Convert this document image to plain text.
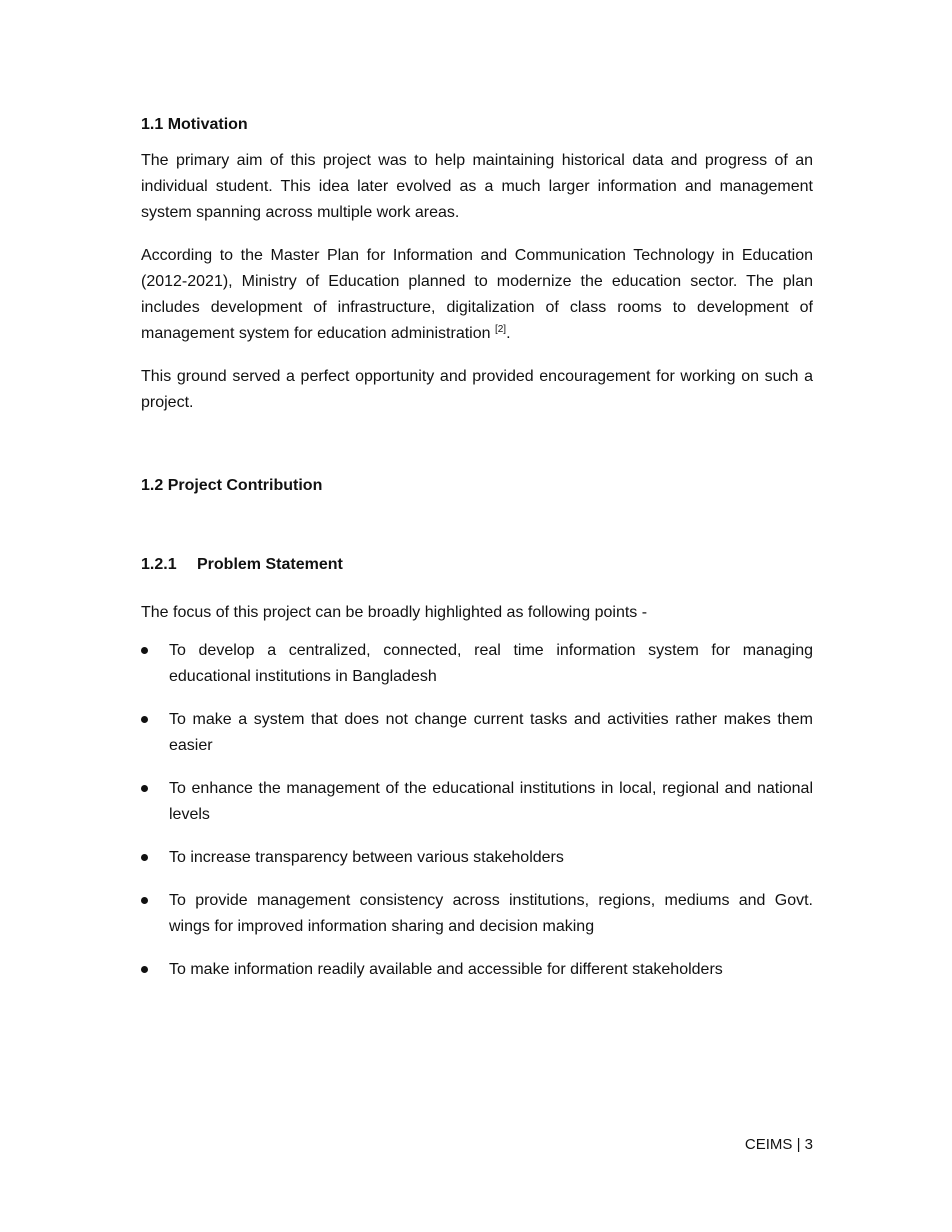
1.1 Motivation

The primary aim of this project was to help maintaining historical data and progress of an individual student. This idea later evolved as a much larger information and management system spanning across multiple work areas.

According to the Master Plan for Information and Communication Technology in Education (2012-2021), Ministry of Education planned to modernize the education sector. The plan includes development of infrastructure, digitalization of class rooms to development of management system for education administration [2].

This ground served a perfect opportunity and provided encouragement for working on such a project.

1.2 Project Contribution
1.2.1 Problem Statement

The focus of this project can be broadly highlighted as following points -

To develop a centralized, connected, real time information system for managing educational institutions in Bangladesh
To make a system that does not change current tasks and activities rather makes them easier
To enhance the management of the educational institutions in local, regional and national levels
To increase transparency between various stakeholders
To provide management consistency across institutions, regions, mediums and Govt. wings for improved information sharing and decision making
To make information readily available and accessible for different stakeholders
CEIMS | 3
